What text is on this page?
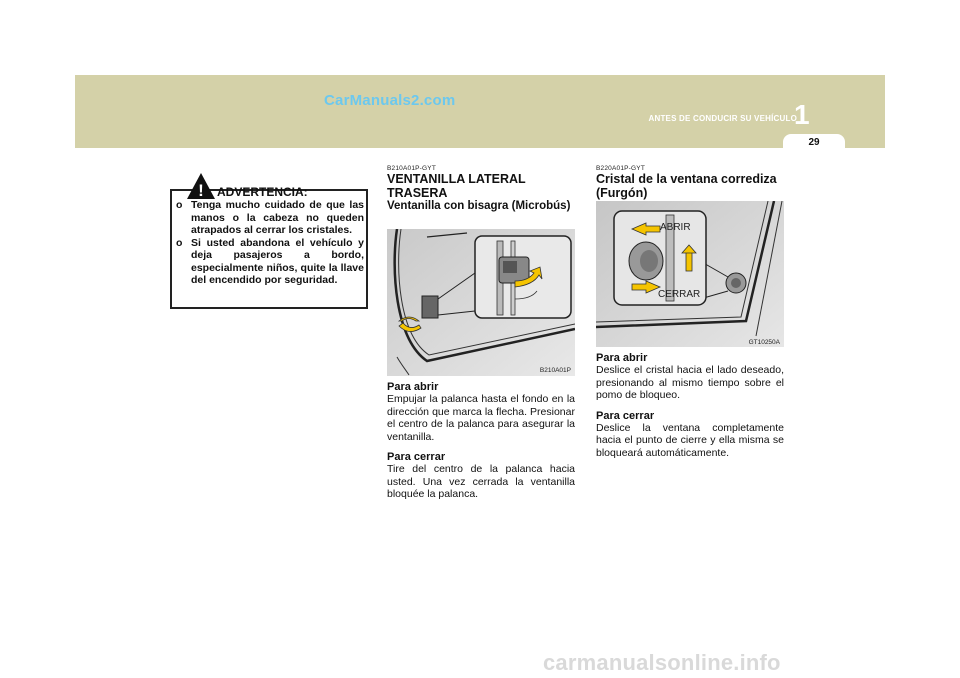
CarManuals2.com
ANTES DE CONDUCIR SU VEHÍCULO
1
29
! ADVERTENCIA:
o Tenga mucho cuidado de que las manos o la cabeza no queden atrapados al cerrar los cristales.
o Si usted abandona el vehículo y deja pasajeros a bordo, especialmente niños, quite la llave del encendido por seguridad.
B210A01P-GYT
VENTANILLA LATERAL TRASERA
Ventanilla con bisagra (Microbús)
B210A01P
Para abrir
Empujar la palanca hasta el fondo en la dirección que marca la flecha. Presionar el centro de la palanca para asegurar la ventanilla.
Para cerrar
Tire del centro de la palanca hacia usted. Una vez cerrada la ventanilla bloquée la palanca.
B220A01P-GYT
Cristal de la ventana corrediza (Furgón)
ABRIR
CERRAR
GT10250A
Para abrir
Deslice el cristal hacia el lado deseado, presionando al mismo tiempo sobre el pomo de bloqueo.
Para cerrar
Deslice la ventana completamente hacia el punto de cierre y ella misma se bloqueará automáticamente.
carmanualsonline.info
